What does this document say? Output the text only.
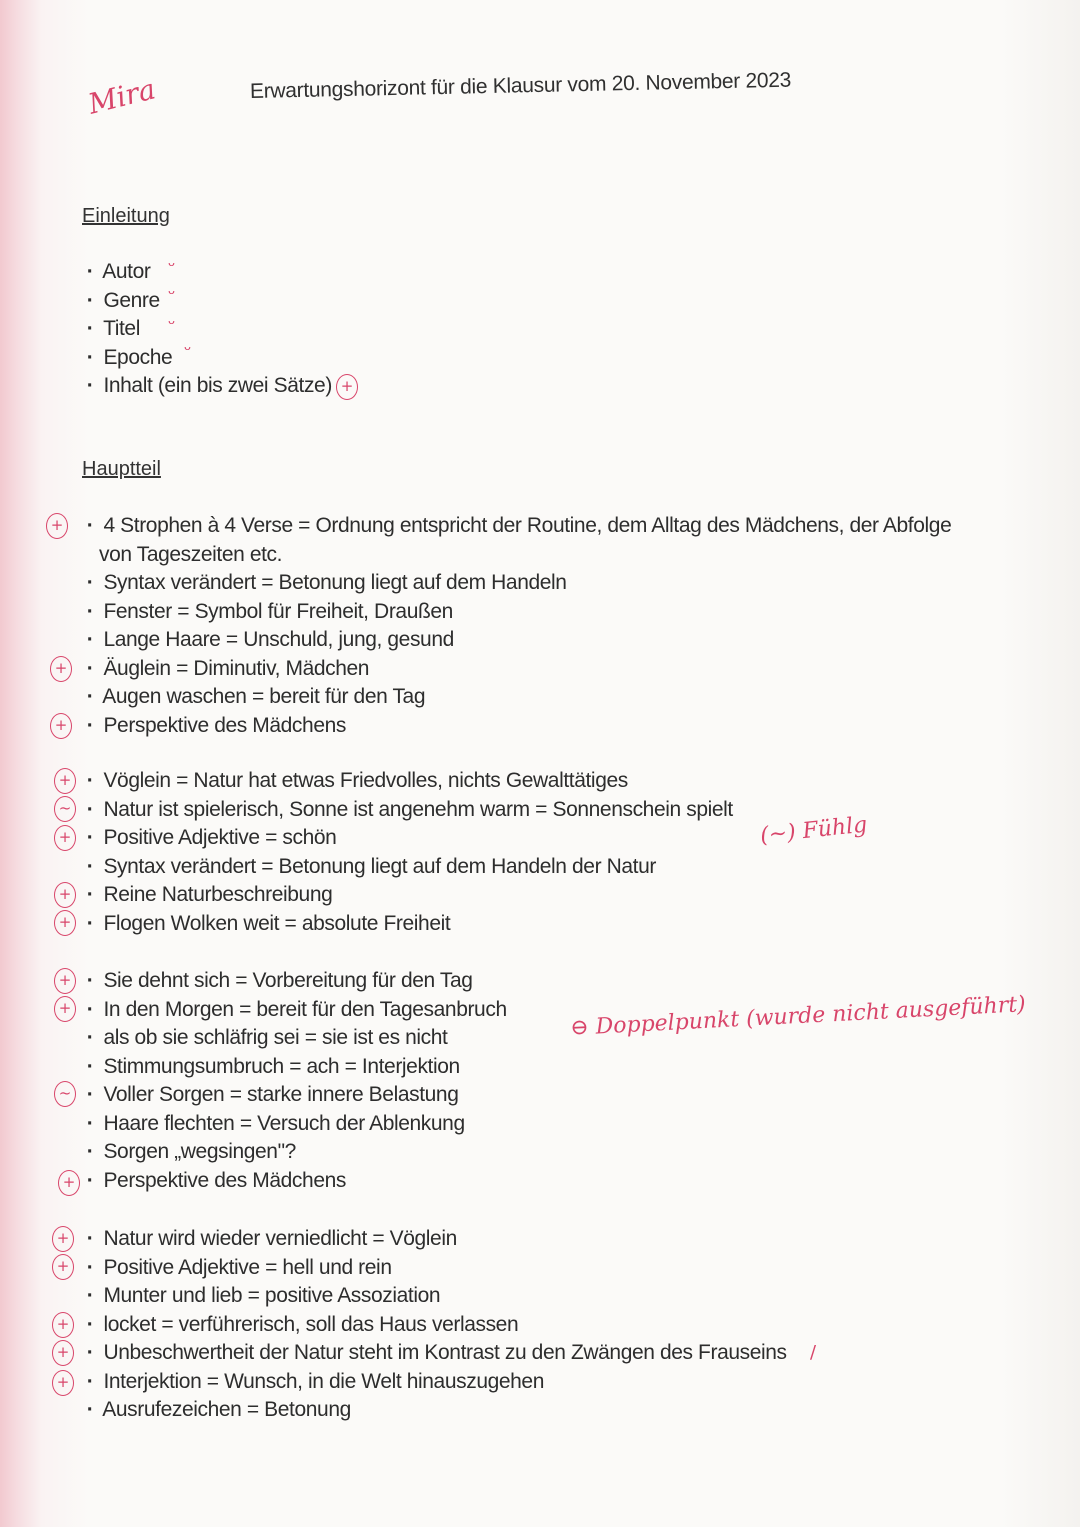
Mira	Erwartungshorizont für die Klausur vom 20. November 2023
Einleitung
· Autor
· Genre
· Titel
· Epoche
· Inhalt (ein bis zwei Sätze)
ᵕ
ᵕ
ᵕ
ᵕ
+
Hauptteil
· 4 Strophen à 4 Verse = Ordnung entspricht der Routine, dem Alltag des Mädchens, der Abfolge
von Tageszeiten etc.
· Syntax verändert = Betonung liegt auf dem Handeln
· Fenster = Symbol für Freiheit, Draußen
· Lange Haare = Unschuld, jung, gesund
· Äuglein = Diminutiv, Mädchen
· Augen waschen = bereit für den Tag
· Perspektive des Mädchens
· Vöglein = Natur hat etwas Friedvolles, nichts Gewalttätiges
· Natur ist spielerisch, Sonne ist angenehm warm = Sonnenschein spielt
· Positive Adjektive = schön
· Syntax verändert = Betonung liegt auf dem Handeln der Natur
· Reine Naturbeschreibung
· Flogen Wolken weit = absolute Freiheit
· Sie dehnt sich = Vorbereitung für den Tag
· In den Morgen = bereit für den Tagesanbruch
· als ob sie schläfrig sei = sie ist es nicht
· Stimmungsumbruch = ach = Interjektion
· Voller Sorgen = starke innere Belastung
· Haare flechten = Versuch der Ablenkung
· Sorgen „wegsingen"?
· Perspektive des Mädchens
· Natur wird wieder verniedlicht = Vöglein
· Positive Adjektive = hell und rein
· Munter und lieb = positive Assoziation
· locket = verführerisch, soll das Haus verlassen
· Unbeschwertheit der Natur steht im Kontrast zu den Zwängen des Frauseins
· Interjektion = Wunsch, in die Welt hinauszugehen
· Ausrufezeichen = Betonung
+
+
+
+
~
+
+
+
+
+
~
+
+
+
+
+
+
(~) Fühlg
⊖ Doppelpunkt (wurde nicht ausgeführt)
/
